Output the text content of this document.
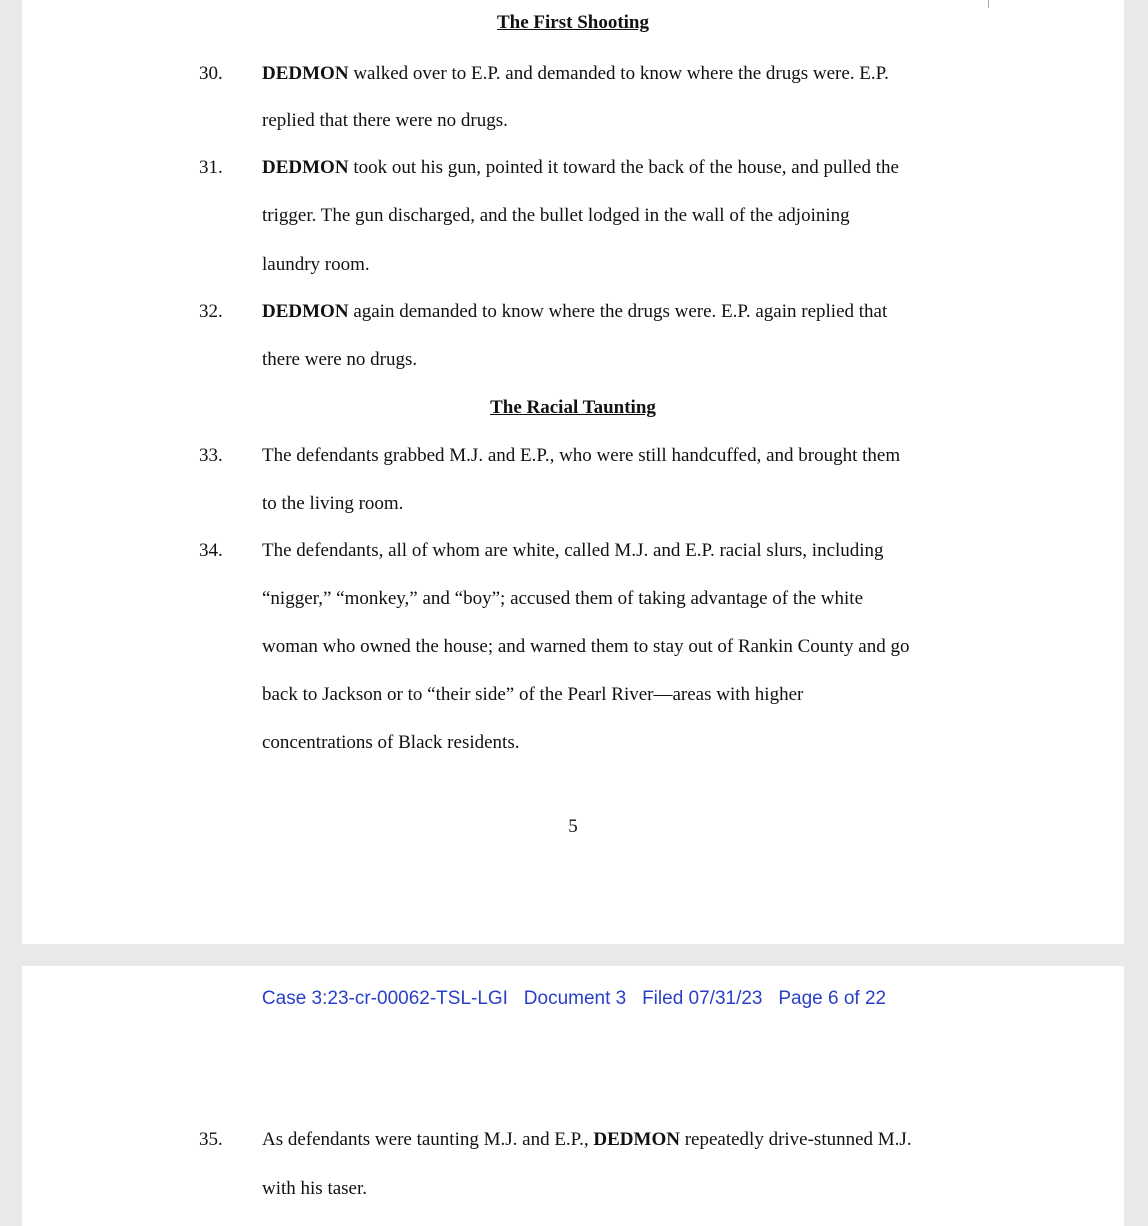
The First Shooting
30. DEDMON walked over to E.P. and demanded to know where the drugs were. E.P.
replied that there were no drugs.
31. DEDMON took out his gun, pointed it toward the back of the house, and pulled the
trigger. The gun discharged, and the bullet lodged in the wall of the adjoining
laundry room.
32. DEDMON again demanded to know where the drugs were. E.P. again replied that
there were no drugs.
The Racial Taunting
33. The defendants grabbed M.J. and E.P., who were still handcuffed, and brought them
to the living room.
34. The defendants, all of whom are white, called M.J. and E.P. racial slurs, including
“nigger,” “monkey,” and “boy”; accused them of taking advantage of the white
woman who owned the house; and warned them to stay out of Rankin County and go
back to Jackson or to “their side” of the Pearl River—areas with higher
concentrations of Black residents.
5
35. As defendants were taunting M.J. and E.P., DEDMON repeatedly drive-stunned M.J.
with his taser.
Case 3:23-cr-00062-TSL-LGI   Document 3   Filed 07/31/23   Page 6 of 22
